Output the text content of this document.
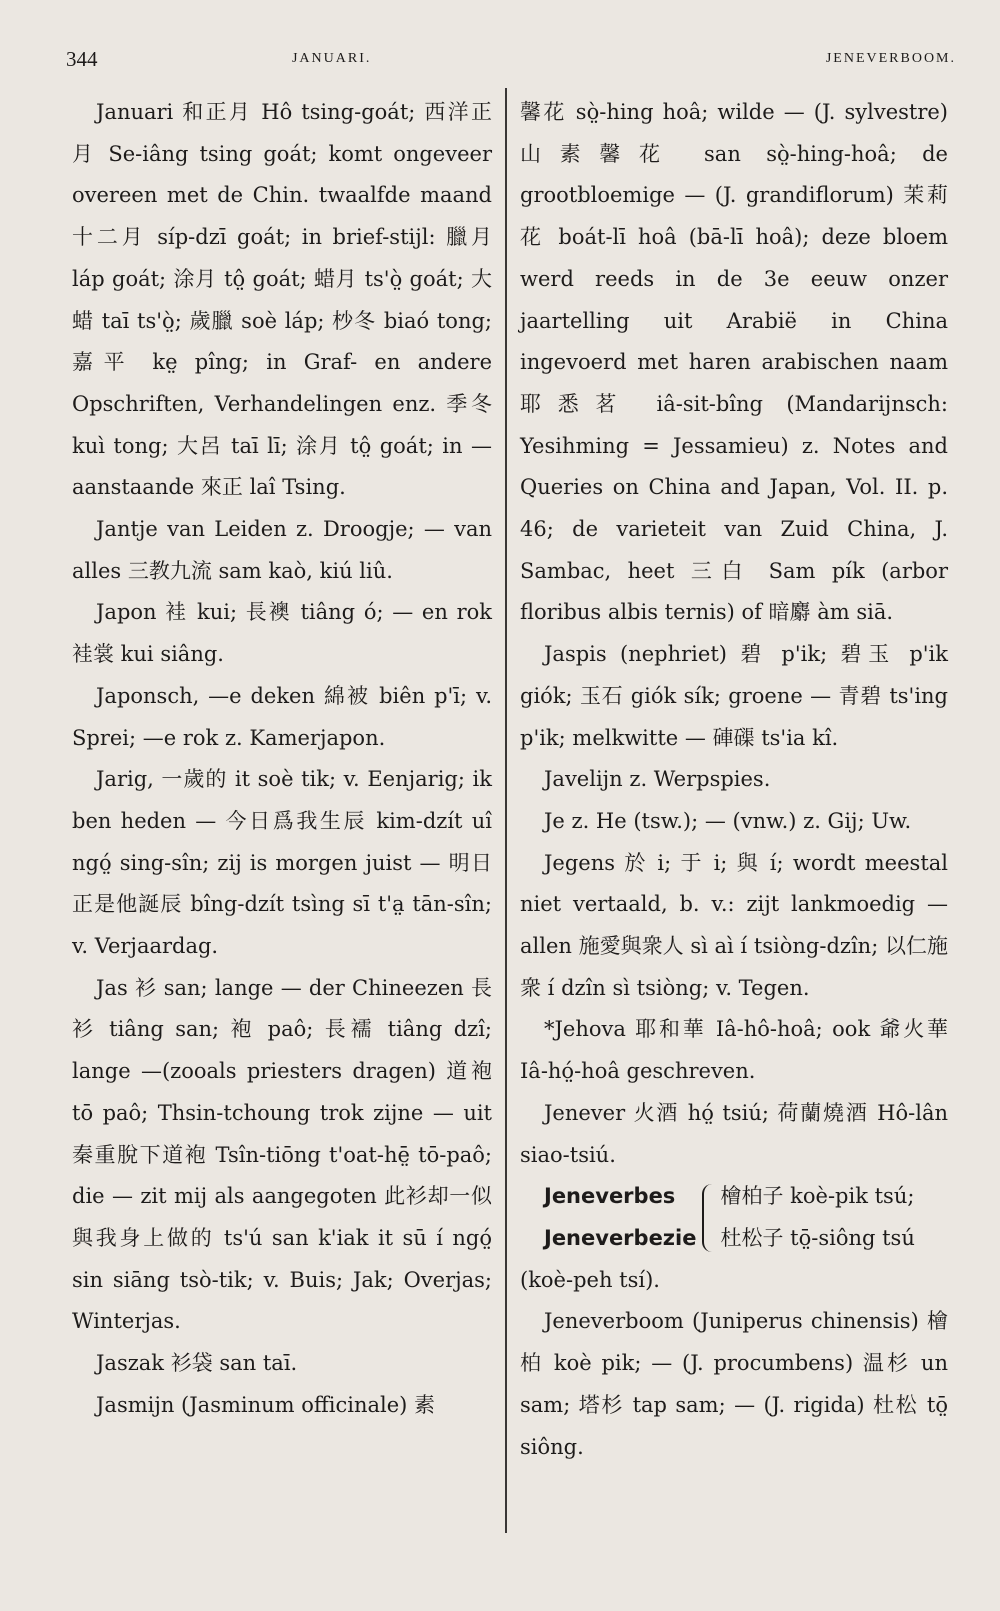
344	JANUARI.	JENEVERBOOM.

Januari 和正月 Hô tsing-goát; 西洋正月 Se-iâng tsing goát; komt ongeveer overeen met de Chin. twaalfde maand 十二月 síp-dzī goát; in brief-stijl: 臘月 láp goát; 涂月 tô̤ goát; 蜡月 ts'ò̤ goát; 大蜡 taī ts'ò̤; 歲臘 soè láp; 杪冬 biaó tong; 嘉平 ke̤ pîng; in Graf- en andere Opschriften, Verhandelingen enz. 季冬 kuì tong; 大呂 taī lī; 涂月 tô̤ goát; in — aanstaande 來正 laî Tsing.

Jantje van Leiden z. Droogje; — van alles 三教九流 sam kaò, kiú liû.

Japon 袿 kui; 長襖 tiâng ó; — en rok 袿裳 kui siâng.

Japonsch, —e deken 綿被 biên p'ī; v. Sprei; —e rok z. Kamerjapon.

Jarig, 一歲的 it soè tik; v. Eenjarig; ik ben heden — 今日爲我生辰 kim-dzít uî ngó̤ sing-sîn; zij is morgen juist — 明日正是他誕辰 bîng-dzít tsìng sī t'a̤ tān-sîn; v. Verjaardag.

Jas 衫 san; lange — der Chineezen 長衫 tiâng san; 袍 paô; 長襦 tiâng dzî; lange —(zooals priesters dragen) 道袍 tō paô; Thsin-tchoung trok zijne — uit 秦重脫下道袍 Tsîn-tiōng t'oat-hē̤ tō-paô; die — zit mij als aangegoten 此衫却一似與我身上做的 ts'ú san k'iak it sū í ngó̤ sin siāng tsò-tik; v. Buis; Jak; Overjas; Winterjas.

Jaszak 衫袋 san taī.

Jasmijn (Jasminum officinale) 素

馨花 sò̤-hing hoâ; wilde — (J. sylvestre) 山素馨花 san sò̤-hing-hoâ; de grootbloemige — (J. grandiflorum) 茉莉花 boát-lī hoâ (bā-lī hoâ); deze bloem werd reeds in de 3e eeuw onzer jaartelling uit Arabië in China ingevoerd met haren arabischen naam 耶悉茗 iâ-sit-bîng (Mandarijnsch: Yesihming = Jessamieu) z. Notes and Queries on China and Japan, Vol. II. p. 46; de varieteit van Zuid China, J. Sambac, heet 三白 Sam pík (arbor floribus albis ternis) of 暗麝 àm siā.

Jaspis (nephriet) 碧 p'ik; 碧玉 p'ik giók; 玉石 giók sík; groene — 青碧 ts'ing p'ik; melkwitte — 硨磲 ts'ia kî.

Javelijn z. Werpspies.

Je z. He (tsw.); — (vnw.) z. Gij; Uw.

Jegens 於 i; 于 i; 與 í; wordt meestal niet vertaald, b. v.: zijt lankmoedig — allen 施愛與衆人 sì aì í tsiòng-dzîn; 以仁施衆 í dzîn sì tsiòng; v. Tegen.

*Jehova 耶和華 Iâ-hô-hoâ; ook 爺火華 Iâ-hó̤-hoâ geschreven.

Jenever 火酒 hó̤ tsiú; 荷蘭燒酒 Hô-lân siao-tsiú.

Jeneverbes
Jeneverbezie
檜柏子 koè-pik tsú;
杜松子 tō̤-siông tsú

(koè-peh tsí).

Jeneverboom (Juniperus chinensis) 檜柏 koè pik; — (J. procumbens) 温杉 un sam; 塔杉 tap sam; — (J. rigida) 杜松 tō̤ siông.
